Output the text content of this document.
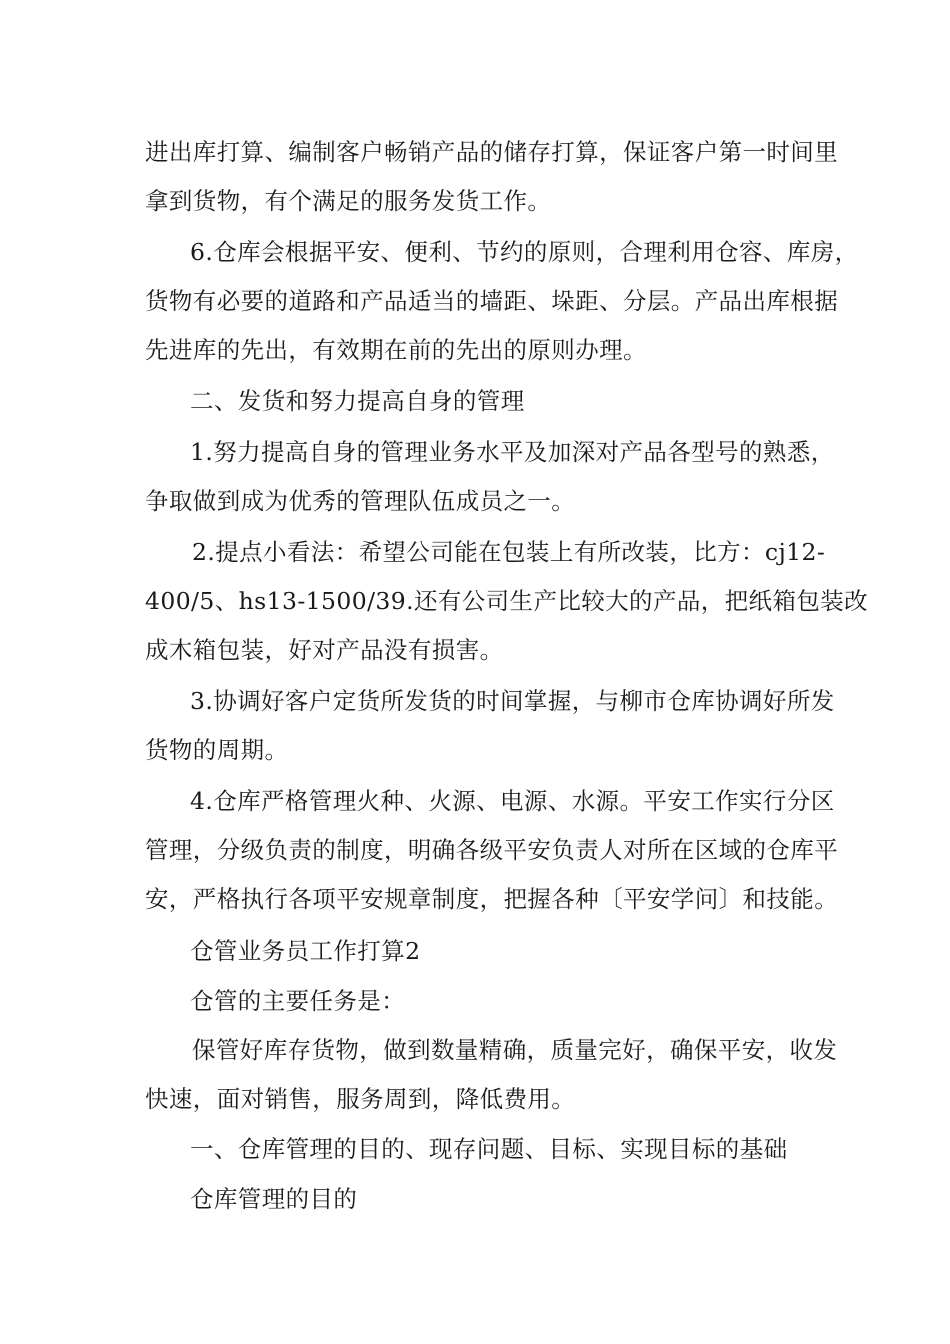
进出库打算、编制客户畅销产品的储存打算，保证客户第一时间里
拿到货物，有个满足的服务发货工作。
6.仓库会根据平安、便利、节约的原则，合理利用仓容、库房，
货物有必要的道路和产品适当的墙距、垛距、分层。产品出库根据
先进库的先出，有效期在前的先出的原则办理。
二、发货和努力提高自身的管理
1.努力提高自身的管理业务水平及加深对产品各型号的熟悉，
争取做到成为优秀的管理队伍成员之一。
2.提点小看法：希望公司能在包装上有所改装，比方：cj12-
400/5、hs13-1500/39.还有公司生产比较大的产品，把纸箱包装改
成木箱包装，好对产品没有损害。
3.协调好客户定货所发货的时间掌握，与柳市仓库协调好所发
货物的周期。
4.仓库严格管理火种、火源、电源、水源。平安工作实行分区
管理，分级负责的制度，明确各级平安负责人对所在区域的仓库平
安，严格执行各项平安规章制度，把握各种〔平安学问〕和技能。
仓管业务员工作打算2
仓管的主要任务是：
保管好库存货物，做到数量精确，质量完好，确保平安，收发
快速，面对销售，服务周到，降低费用。
一、仓库管理的目的、现存问题、目标、实现目标的基础
仓库管理的目的
